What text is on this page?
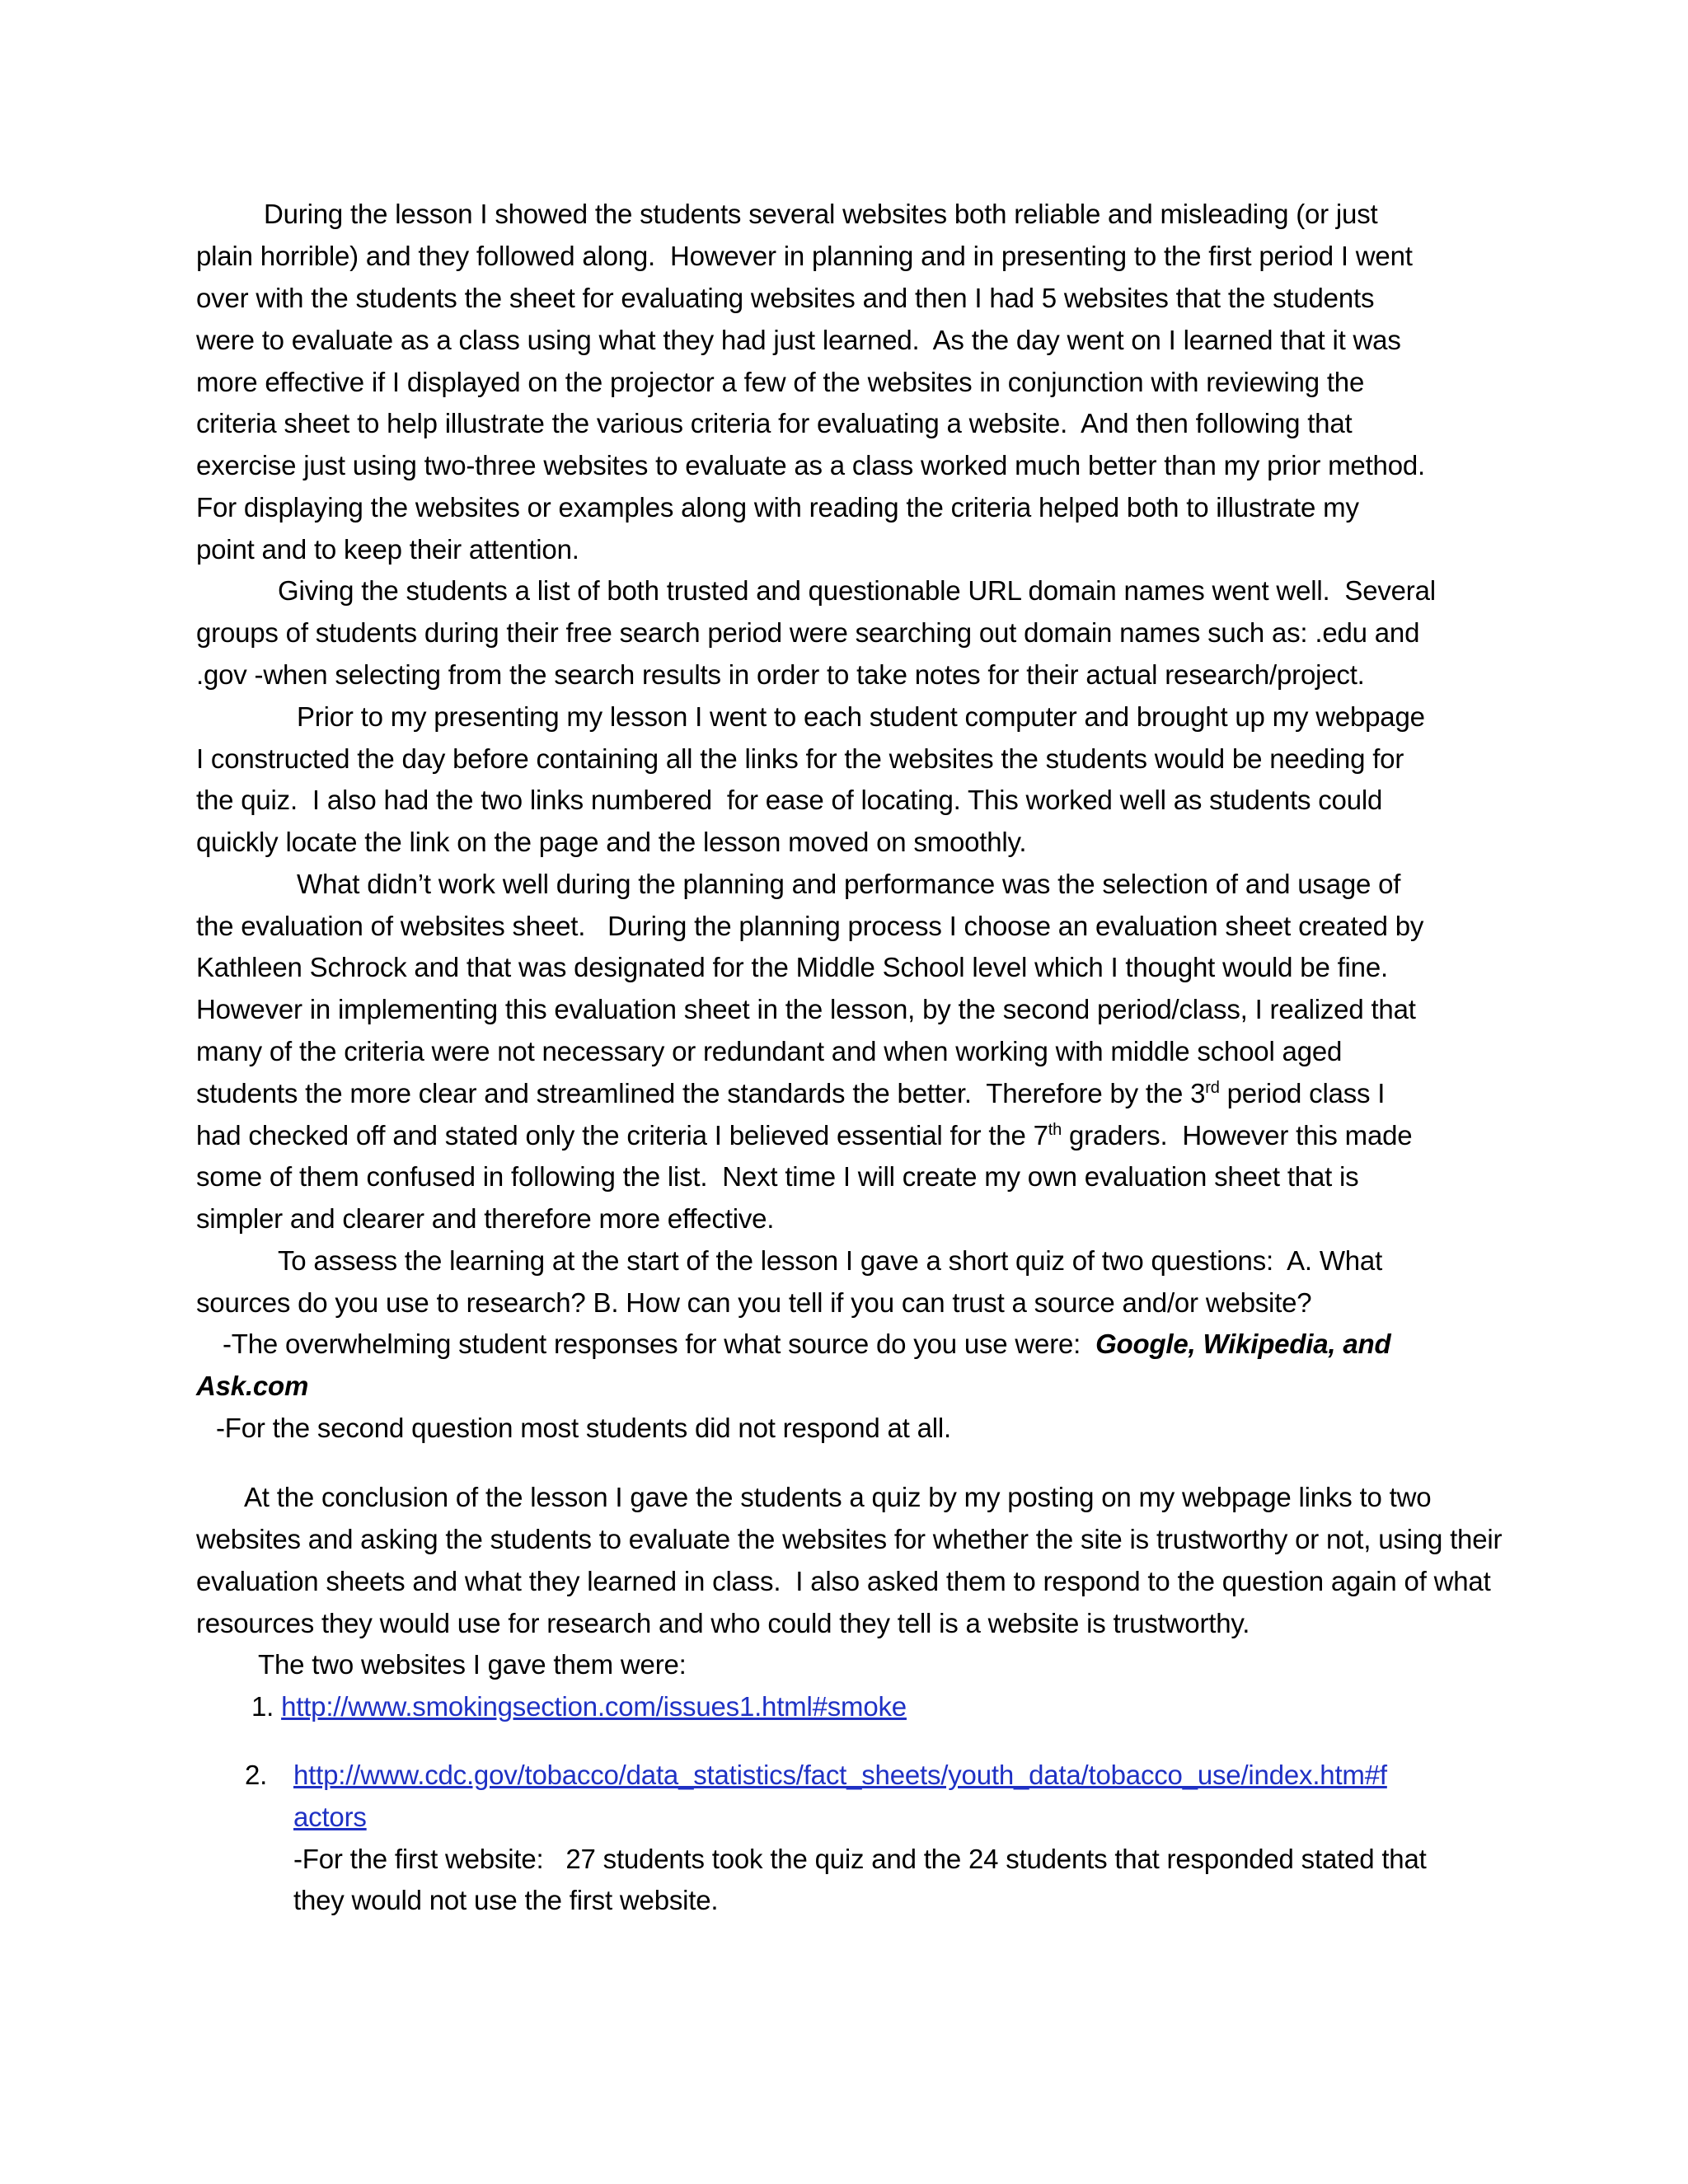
During the lesson I showed the students several websites both reliable and misleading (or just
plain horrible) and they followed along.  However in planning and in presenting to the first period I went
over with the students the sheet for evaluating websites and then I had 5 websites that the students
were to evaluate as a class using what they had just learned.  As the day went on I learned that it was
more effective if I displayed on the projector a few of the websites in conjunction with reviewing the
criteria sheet to help illustrate the various criteria for evaluating a website.  And then following that
exercise just using two-three websites to evaluate as a class worked much better than my prior method.
For displaying the websites or examples along with reading the criteria helped both to illustrate my
point and to keep their attention.
Giving the students a list of both trusted and questionable URL domain names went well.  Several
groups of students during their free search period were searching out domain names such as: .edu and
.gov -when selecting from the search results in order to take notes for their actual research/project.
Prior to my presenting my lesson I went to each student computer and brought up my webpage
I constructed the day before containing all the links for the websites the students would be needing for
the quiz.  I also had the two links numbered  for ease of locating. This worked well as students could
quickly locate the link on the page and the lesson moved on smoothly.
What didn’t work well during the planning and performance was the selection of and usage of
the evaluation of websites sheet.   During the planning process I choose an evaluation sheet created by
Kathleen Schrock and that was designated for the Middle School level which I thought would be fine.
However in implementing this evaluation sheet in the lesson, by the second period/class, I realized that
many of the criteria were not necessary or redundant and when working with middle school aged
students the more clear and streamlined the standards the better.  Therefore by the 3rd period class I
had checked off and stated only the criteria I believed essential for the 7th graders.  However this made
some of them confused in following the list.  Next time I will create my own evaluation sheet that is
simpler and clearer and therefore more effective.
To assess the learning at the start of the lesson I gave a short quiz of two questions:  A. What
sources do you use to research? B. How can you tell if you can trust a source and/or website?
-The overwhelming student responses for what source do you use were:  Google, Wikipedia, and
Ask.com
-For the second question most students did not respond at all.
At the conclusion of the lesson I gave the students a quiz by my posting on my webpage links to two
websites and asking the students to evaluate the websites for whether the site is trustworthy or not, using their
evaluation sheets and what they learned in class.  I also asked them to respond to the question again of what
resources they would use for research and who could they tell is a website is trustworthy.
The two websites I gave them were:
1. http://www.smokingsection.com/issues1.html#smoke
2. http://www.cdc.gov/tobacco/data_statistics/fact_sheets/youth_data/tobacco_use/index.htm#f
actors
-For the first website:   27 students took the quiz and the 24 students that responded stated that
they would not use the first website.
